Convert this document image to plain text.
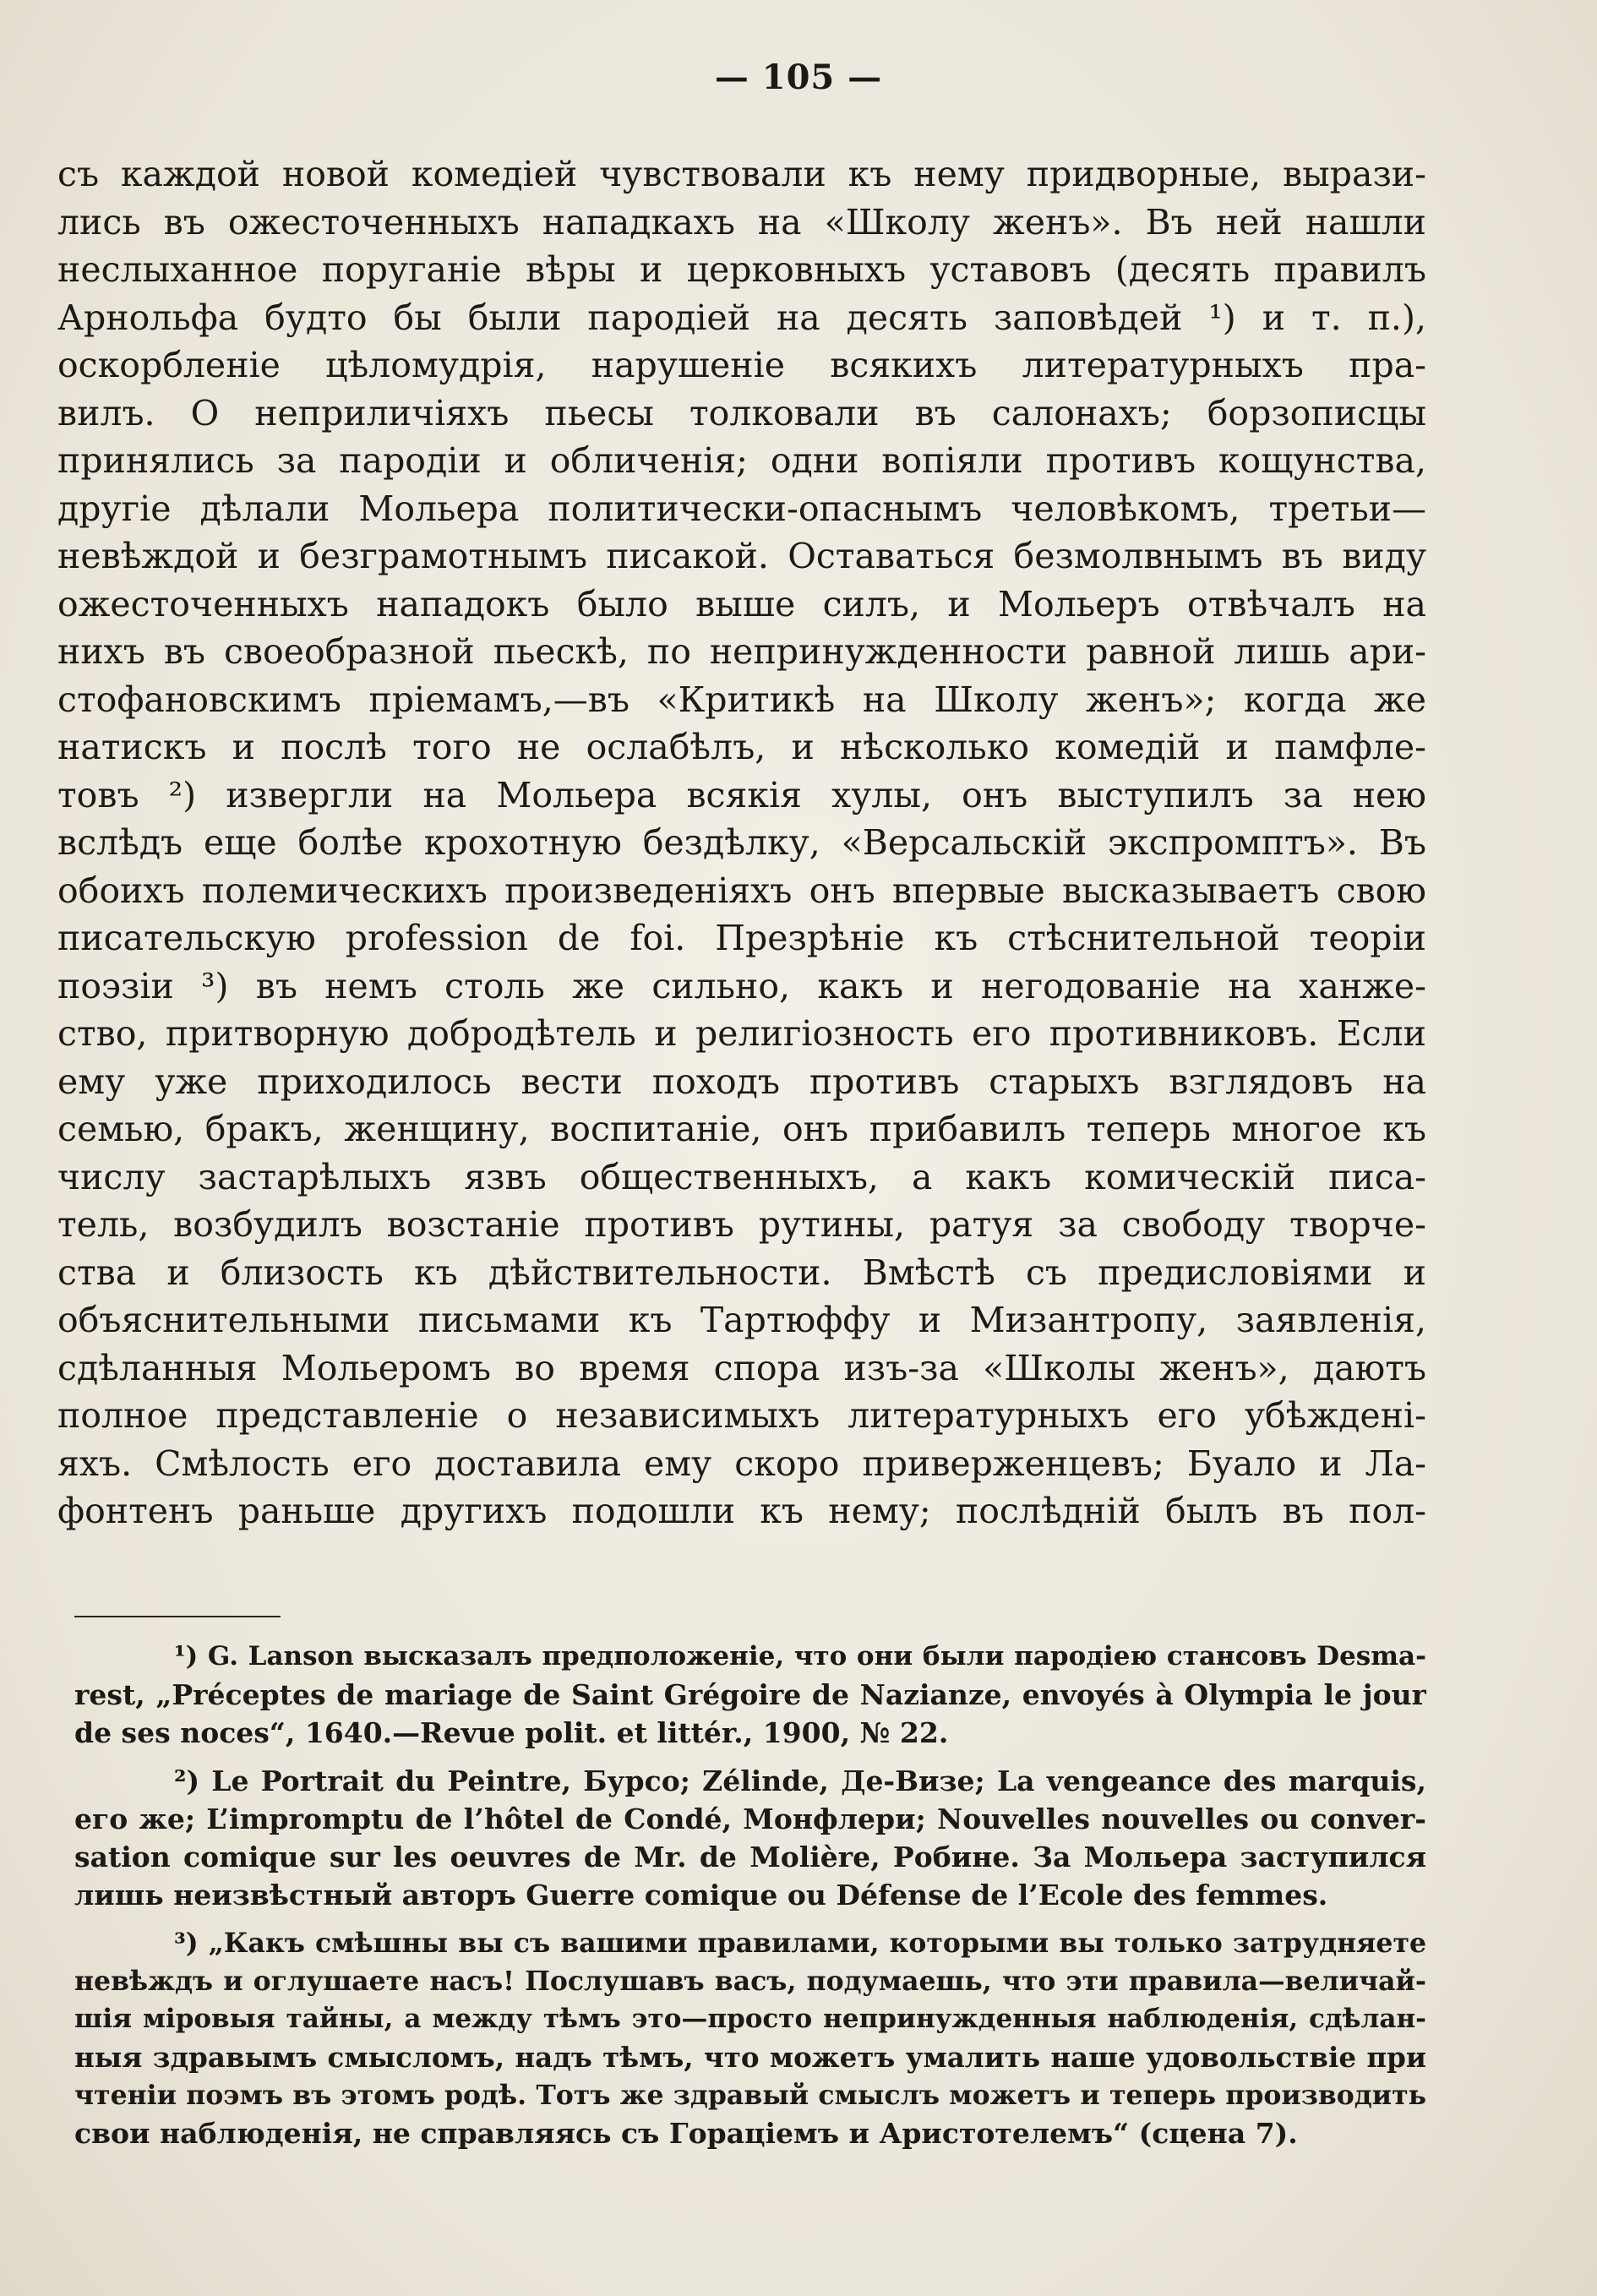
— 105 —
съ каждой новой комедіей чувствовали къ нему придворные, вырази-
лись въ ожесточенныхъ нападкахъ на «Школу женъ». Въ ней нашли
неслыханное поруганіе вѣры и церковныхъ уставовъ (десять правилъ
Арнольфа будто бы были пародіей на десять заповѣдей ¹) и т. п.),
оскорбленіе цѣломудрія, нарушеніе всякихъ литературныхъ пра-
вилъ. О неприличіяхъ пьесы толковали въ салонахъ; борзописцы
принялись за пародіи и обличенія; одни вопіяли противъ кощунства,
другіе дѣлали Мольера политически-опаснымъ человѣкомъ, третьи—
невѣждой и безграмотнымъ писакой. Оставаться безмолвнымъ въ виду
ожесточенныхъ нападокъ было выше силъ, и Мольеръ отвѣчалъ на
нихъ въ своеобразной пьескѣ, по непринужденности равной лишь ари-
стофановскимъ пріемамъ,—въ «Критикѣ на Школу женъ»; когда же
натискъ и послѣ того не ослабѣлъ, и нѣсколько комедій и памфле-
товъ ²) извергли на Мольера всякія хулы, онъ выступилъ за нею
вслѣдъ еще болѣе крохотную бездѣлку, «Версальскій экспромптъ». Въ
обоихъ полемическихъ произведеніяхъ онъ впервые высказываетъ свою
писательскую profession de foi. Презрѣніе къ стѣснительной теоріи
поэзіи ³) въ немъ столь же сильно, какъ и негодованіе на ханже-
ство, притворную добродѣтель и религіозность его противниковъ. Если
ему уже приходилось вести походъ противъ старыхъ взглядовъ на
семью, бракъ, женщину, воспитаніе, онъ прибавилъ теперь многое къ
числу застарѣлыхъ язвъ общественныхъ, а какъ комическій писа-
тель, возбудилъ возстаніе противъ рутины, ратуя за свободу творче-
ства и близость къ дѣйствительности. Вмѣстѣ съ предисловіями и
объяснительными письмами къ Тартюффу и Мизантропу, заявленія,
сдѣланныя Мольеромъ во время спора изъ-за «Школы женъ», даютъ
полное представленіе о независимыхъ литературныхъ его убѣжденi-
яхъ. Смѣлость его доставила ему скоро приверженцевъ; Буало и Ла-
фонтенъ раньше другихъ подошли къ нему; послѣднiй былъ въ пол-
¹) G. Lanson высказалъ предположеніе, что они были пародіею стансовъ Desma-
rest, „Préceptes de mariage de Saint Grégoire de Nazianze, envoyés à Olympia le jour
de ses noces“, 1640.—Revue polit. et littér., 1900, № 22.
²) Le Portrait du Peintre, Бурсо; Zélinde, Де-Визе; La vengeance des marquis,
его же; L’impromptu de l’hôtel de Condé, Монфлери; Nouvelles nouvelles ou conver-
sation comique sur les oeuvres de Mr. de Molière, Робине. За Мольера заступился
лишь неизвѣстный авторъ Guerre comique ou Défense de l’Ecole des femmes.
³) „Какъ смѣшны вы съ вашими правилами, которыми вы только затрудняете
невѣждъ и оглушаете насъ! Послушавъ васъ, подумаешь, что эти правила—величай-
шія міровыя тайны, а между тѣмъ это—просто непринужденныя наблюденія, сдѣлан-
ныя здравымъ смысломъ, надъ тѣмъ, что можетъ умалить наше удовольствіе при
чтеніи поэмъ въ этомъ родѣ. Тотъ же здравый смыслъ можетъ и теперь производить
свои наблюденія, не справляясь съ Гораціемъ и Аристотелемъ“ (сцена 7).
